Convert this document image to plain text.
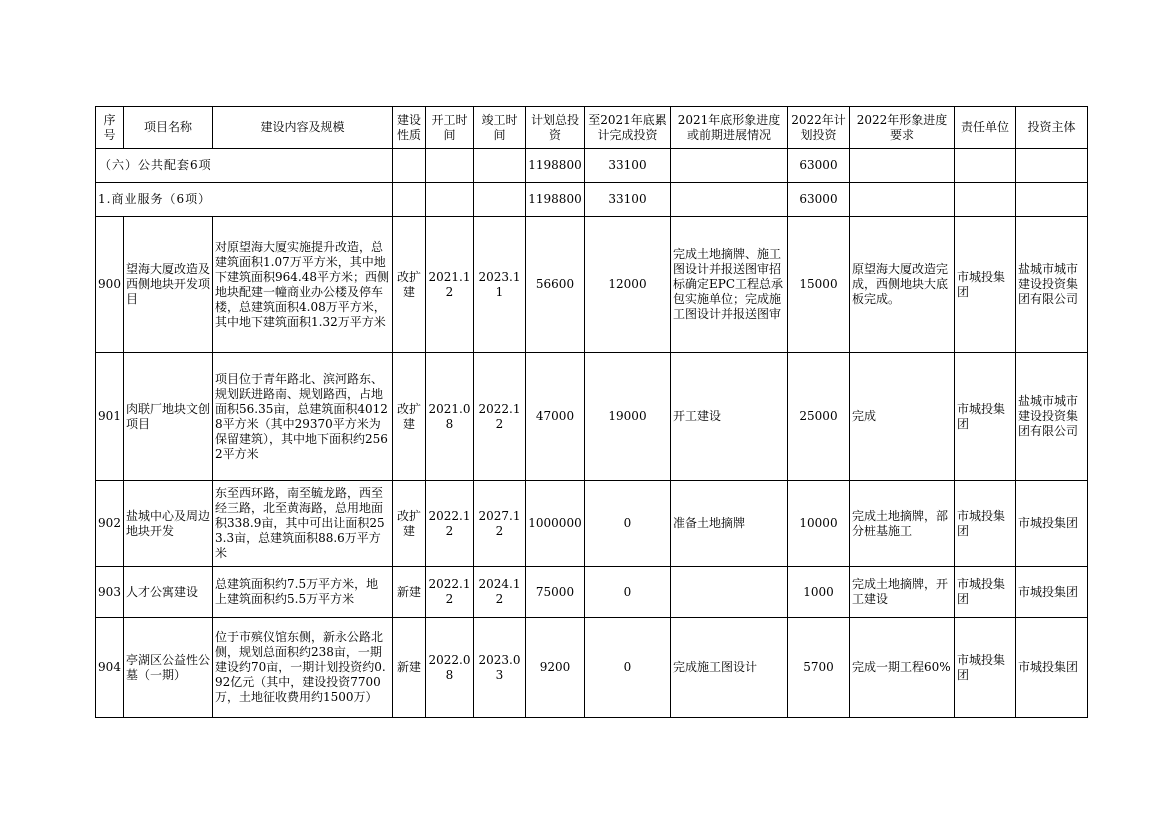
序号	项目名称	建设内容及规模	建设性质	开工时间	竣工时间	计划总投资	至2021年底累计完成投资	2021年底形象进度或前期进展情况	2022年计划投资	2022年形象进度要求	责任单位	投资主体
（六）公共配套6项						1198800	33100		63000			
1.商业服务（6项）						1198800	33100		63000			
900	望海大厦改造及西侧地块开发项目	对原望海大厦实施提升改造，总建筑面积1.07万平方米，其中地下建筑面积964.48平方米；西侧地块配建一幢商业办公楼及停车楼，总建筑面积4.08万平方米，其中地下建筑面积1.32万平方米	改扩建	2021.12	2023.11	56600	12000	完成土地摘牌、施工图设计并报送图审招标确定EPC工程总承包实施单位；完成施工图设计并报送图审	15000	原望海大厦改造完成，西侧地块大底板完成。	市城投集团	盐城市城市建设投资集团有限公司
901	肉联厂地块文创项目	项目位于青年路北、滨河路东、规划跃进路南、规划路西，占地面积56.35亩，总建筑面积40128平方米（其中29370平方米为保留建筑），其中地下面积约2562平方米	改扩建	2021.08	2022.12	47000	19000	开工建设	25000	完成	市城投集团	盐城市城市建设投资集团有限公司
902	盐城中心及周边地块开发	东至西环路，南至毓龙路，西至经三路，北至黄海路，总用地面积338.9亩，其中可出让面积253.3亩，总建筑面积88.6万平方米	改扩建	2022.12	2027.12	1000000	0	准备土地摘牌	10000	完成土地摘牌，部分桩基施工	市城投集团	市城投集团
903	人才公寓建设	总建筑面积约7.5万平方米，地上建筑面积约5.5万平方米	新建	2022.12	2024.12	75000	0		1000	完成土地摘牌，开工建设	市城投集团	市城投集团
904	亭湖区公益性公墓（一期）	位于市殡仪馆东侧，新永公路北侧，规划总面积约238亩，一期建设约70亩，一期计划投资约0.92亿元（其中，建设投资7700万，土地征收费用约1500万）	新建	2022.08	2023.03	9200	0	完成施工图设计	5700	完成一期工程60%	市城投集团	市城投集团
